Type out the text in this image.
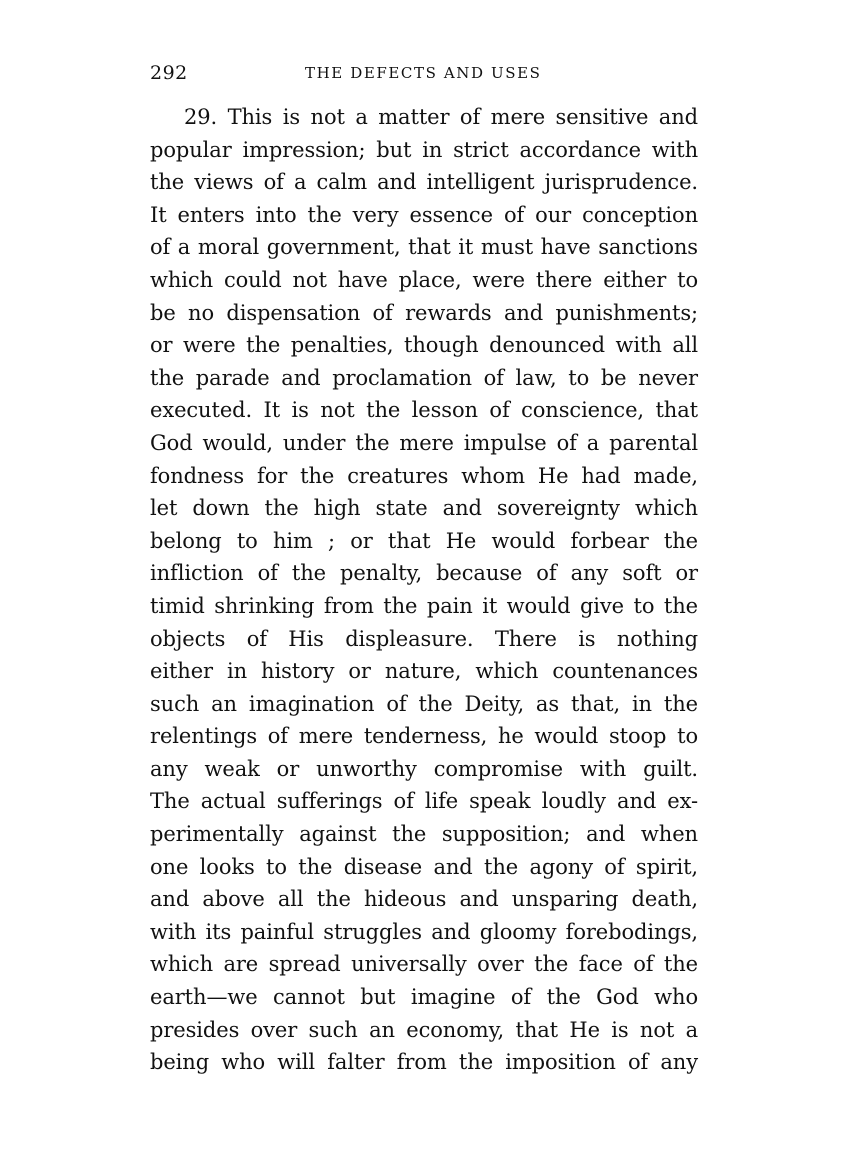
292	THE DEFECTS AND USES
29. This is not a matter of mere sensitive and
popular impression; but in strict accordance with
the views of a calm and intelligent jurisprudence.
It enters into the very essence of our conception
of a moral government, that it must have sanctions
which could not have place, were there either to
be no dispensation of rewards and punishments;
or were the penalties, though denounced with all
the parade and proclamation of law, to be never
executed. It is not the lesson of conscience, that
God would, under the mere impulse of a parental
fondness for the creatures whom He had made,
let down the high state and sovereignty which
belong to him ; or that He would forbear the
infliction of the penalty, because of any soft or
timid shrinking from the pain it would give to the
objects of His displeasure. There is nothing
either in history or nature, which countenances
such an imagination of the Deity, as that, in the
relentings of mere tenderness, he would stoop to
any weak or unworthy compromise with guilt.
The actual sufferings of life speak loudly and ex-
perimentally against the supposition; and when
one looks to the disease and the agony of spirit,
and above all the hideous and unsparing death,
with its painful struggles and gloomy forebodings,
which are spread universally over the face of the
earth—we cannot but imagine of the God who
presides over such an economy, that He is not a
being who will falter from the imposition of any
